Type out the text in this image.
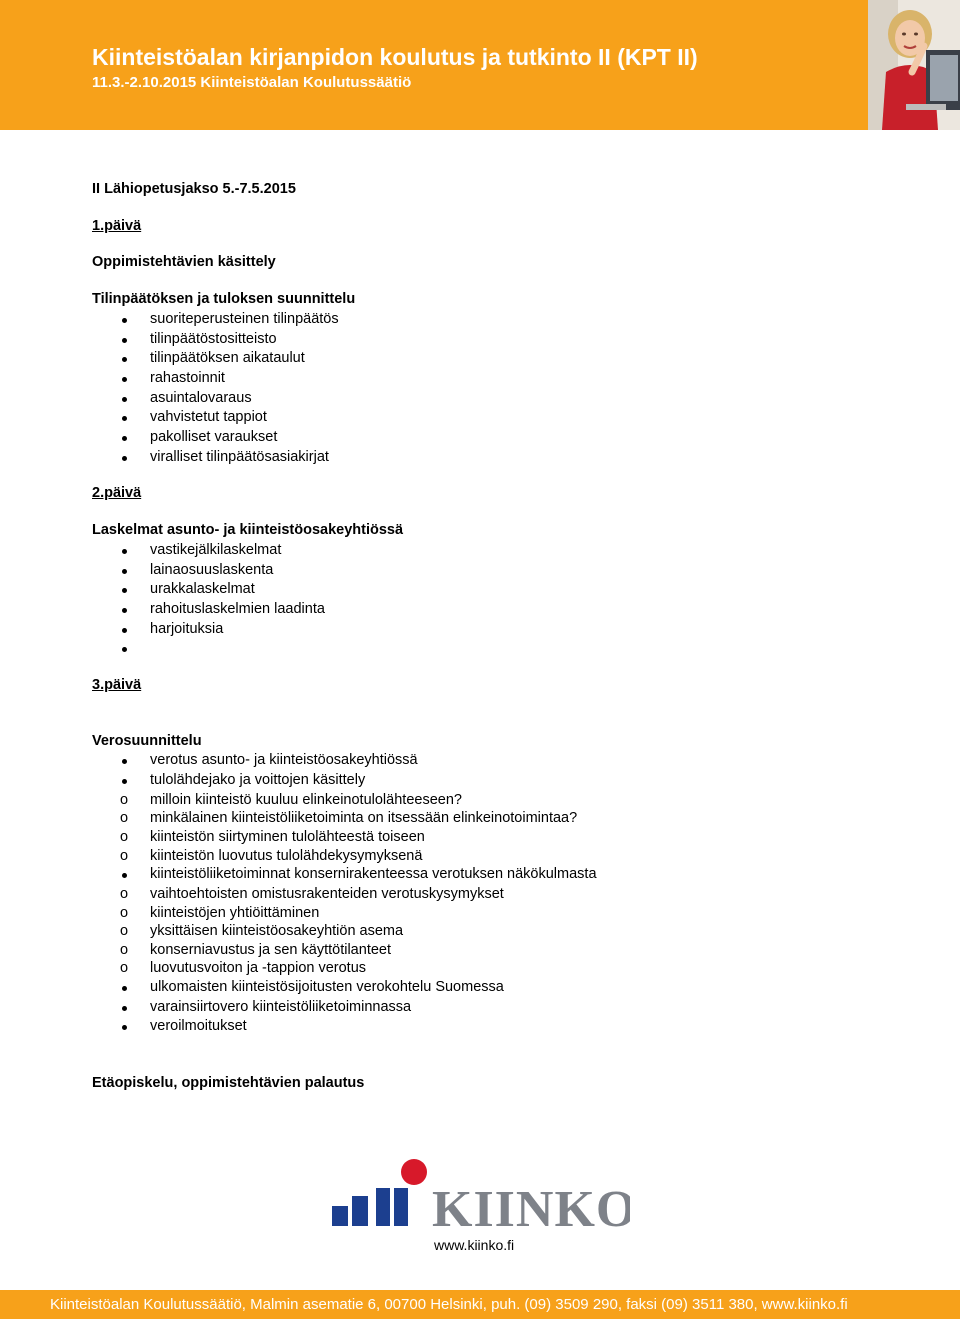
Kiinteistöalan kirjanpidon koulutus ja tutkinto II (KPT II)
11.3.-2.10.2015 Kiinteistöalan Koulutussäätiö
II Lähiopetusjakso 5.-7.5.2015
1.päivä
Oppimistehtävien käsittely
Tilinpäätöksen ja tuloksen suunnittelu
suoriteperusteinen tilinpäätös
tilinpäätöstositteisto
tilinpäätöksen aikataulut
rahastoinnit
asuintalovaraus
vahvistetut tappiot
pakolliset varaukset
viralliset tilinpäätösasiakirjat
2.päivä
Laskelmat asunto- ja kiinteistöosakeyhtiössä
vastikejälkilaskelmat
lainaosuuslaskenta
urakkalaskelmat
rahoituslaskelmien laadinta
harjoituksia
3.päivä
Verosuunnittelu
verotus asunto- ja kiinteistöosakeyhtiössä
tulolähdejako ja voittojen käsittely
o milloin kiinteistö kuuluu elinkeinotulolähteeseen?
o minkälainen kiinteistöliiketoiminta on itsessään elinkeinotoimintaa?
o kiinteistön siirtyminen tulolähteestä toiseen
o kiinteistön luovutus tulolähdekysymyksenä
kiinteistöliiketoiminnat konsernirakenteessa verotuksen näkökulmasta
o vaihtoehtoisten omistusrakenteiden verotuskysymykset
o kiinteistöjen yhtiöittäminen
o yksittäisen kiinteistöosakeyhtiön asema
o konserniavustus ja sen käyttötilanteet
o luovutusvoiton ja -tappion verotus
ulkomaisten kiinteistösijoitusten verokohtelu Suomessa
varainsiirtovero kiinteistöliiketoiminnassa
veroilmoitukset
Etäopiskelu, oppimistehtävien palautus
KIINKO
www.kiinko.fi
Kiinteistöalan Koulutussäätiö, Malmin asematie 6, 00700 Helsinki, puh. (09) 3509 290, faksi (09) 3511 380, www.kiinko.fi
